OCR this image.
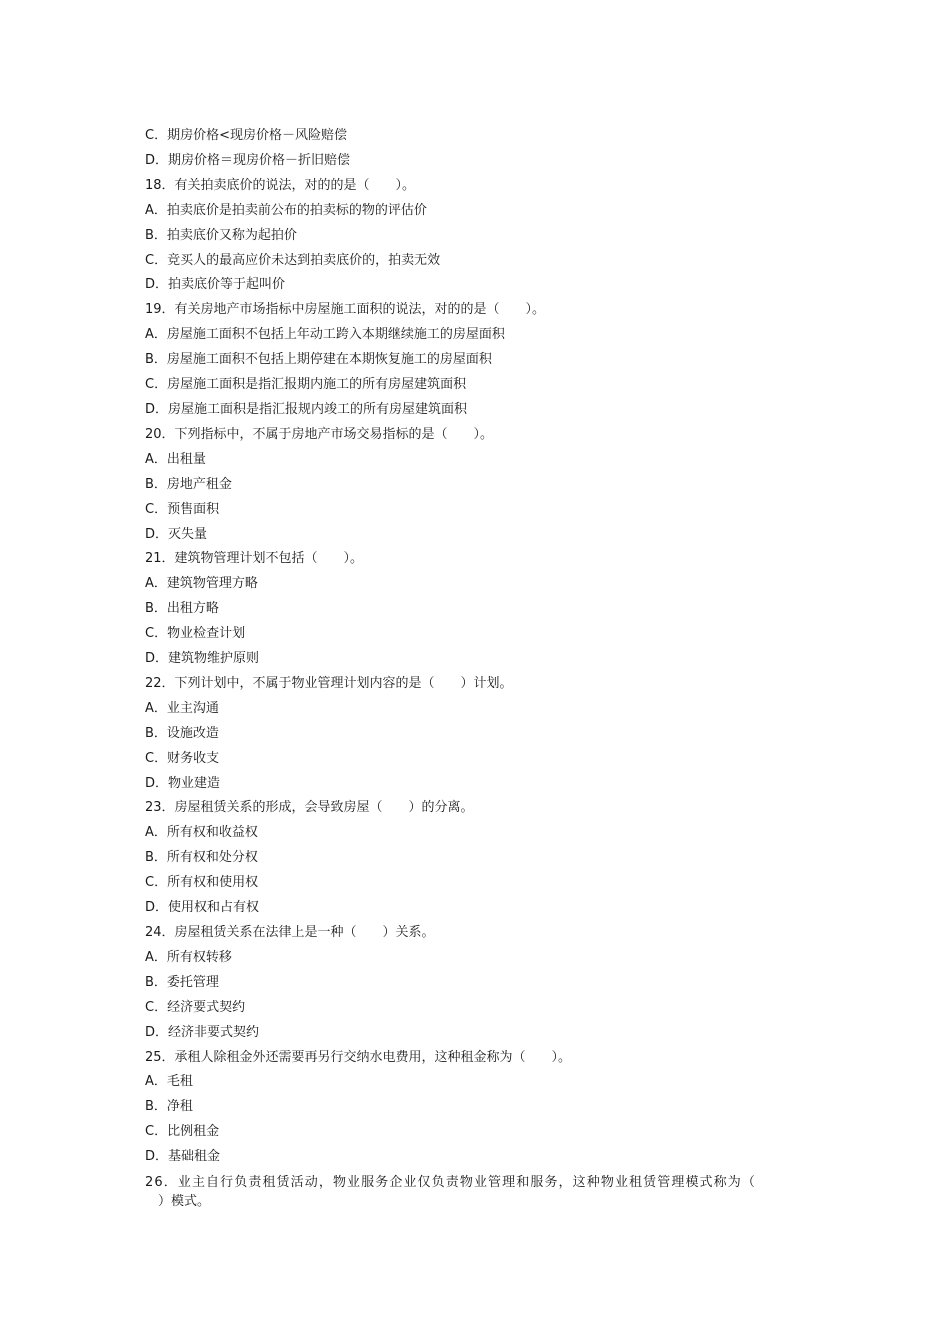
C．期房价格<现房价格－风险赔偿
D．期房价格＝现房价格－折旧赔偿
18．有关拍卖底价的说法，对的的是（　　）。
A．拍卖底价是拍卖前公布的拍卖标的物的评估价
B．拍卖底价又称为起拍价
C．竞买人的最高应价未达到拍卖底价的，拍卖无效
D．拍卖底价等于起叫价
19．有关房地产市场指标中房屋施工面积的说法，对的的是（　　）。
A．房屋施工面积不包括上年动工跨入本期继续施工的房屋面积
B．房屋施工面积不包括上期停建在本期恢复施工的房屋面积
C．房屋施工面积是指汇报期内施工的所有房屋建筑面积
D．房屋施工面积是指汇报规内竣工的所有房屋建筑面积
20．下列指标中，不属于房地产市场交易指标的是（　　）。
A．出租量
B．房地产租金
C．预售面积
D．灭失量
21．建筑物管理计划不包括（　　）。
A．建筑物管理方略
B．出租方略
C．物业检查计划
D．建筑物维护原则
22．下列计划中，不属于物业管理计划内容的是（　　）计划。
A．业主沟通
B．设施改造
C．财务收支
D．物业建造
23．房屋租赁关系的形成，会导致房屋（　　）的分离。
A．所有权和收益权
B．所有权和处分权
C．所有权和使用权
D．使用权和占有权
24．房屋租赁关系在法律上是一种（　　）关系。
A．所有权转移
B．委托管理
C．经济要式契约
D．经济非要式契约
25．承租人除租金外还需要再另行交纳水电费用，这种租金称为（　　）。
A．毛租
B．净租
C．比例租金
D．基础租金
26．业主自行负责租赁活动，物业服务企业仅负责物业管理和服务，这种物业租赁管理模式称为（
）模式。
